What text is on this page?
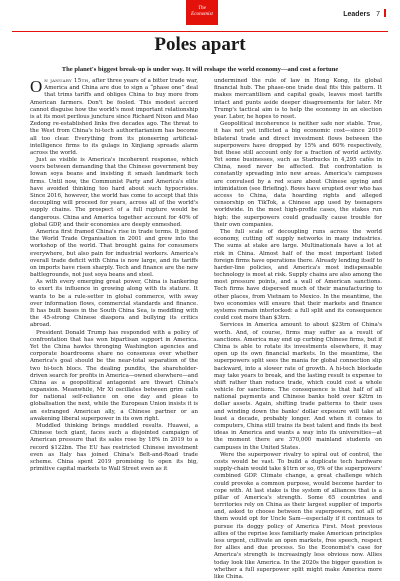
The
Economist	Leaders 7
Poles apart
The planet's biggest break-up is under way. It will reshape the world economy—and cost a fortune

On january 15th, after three years of a bitter trade war, America and China are due to sign a “phase one” deal that trims tariffs and obliges China to buy more from American farmers. Don't be fooled. This modest accord cannot disguise how the world's most important relationship is at its most perilous juncture since Richard Nixon and Mao Zedong re-established links five decades ago. The threat to the West from China's hi-tech authoritarianism has become all too clear. Everything from its pioneering artificial-intelligence firms to its gulags in Xinjiang spreads alarm across the world.

Just as visible is America's incoherent response, which veers between demanding that the Chinese government buy Iowan soya beans and insisting it smash landmark tech firms. Until now, the Communist Party and America's elite have avoided thinking too hard about such hypocrisies. Since 2016, however, the world has come to accept that this decoupling will proceed for years, across all of the world's supply chains. The prospect of a full rupture would be dangerous. China and America together account for 40% of global GDP, and their economies are deeply enmeshed.

America first framed China's rise in trade terms. It joined the World Trade Organisation in 2001 and grew into the workshop of the world. That brought gains for consumers everywhere, but also pain for industrial workers. America's overall trade deficit with China is now large, and its tariffs on imports have risen sharply. Tech and finance are the new battlegrounds, not just soya beans and steel.

As with every emerging great power, China is hankering to exert its influence in growing along with its stature. It wants to be a rule-setter in global commerce, with sway over information flows, commercial standards and finance. It has built bases in the South China Sea, is meddling with the 45-strong Chinese diaspora and bullying its critics abroad.

President Donald Trump has responded with a policy of confrontation that has won bipartisan support in America. Yet the China hawks thronging Washington agencies and corporate boardrooms share no consensus over whether America's goal should be the near-total separation of the two hi-tech blocs. The dealing pundits, the shareholder-driven search for profits in America—owned elsewhere—and China as a geopolitical antagonist are thwart China's expansion. Meanwhile, Mr Xi oscillates between grim calls for national self-reliance on one day and pleas to globalisation the next, while the European Union insists it is an estranged American ally, a Chinese partner or an awakening liberal superpower in its own right.

Muddled thinking brings muddled results. Huawei, a Chinese tech giant, faces such a disjointed campaign of American pressure that its sales rose by 18% in 2019 to a record $122bn. The EU has restricted Chinese investment even as Italy has joined China's Belt-and-Road trade scheme. China spent 2019 promising to open its big, primitive capital markets to Wall Street even as it

undermined the rule of law in Hong Kong, its global financial hub. The phase-one trade deal fits this pattern. It makes mercantilism and capital goals, leaves most tariffs intact and punts aside deeper disagreements for later. Mr Trump's tactical aim is to help the economy in an election year. Later, he hopes to reset.

Geopolitical incoherence is neither safe nor stable. True, it has not yet inflicted a big economic cost—since 2019 bilateral trade and direct investment flows between the superpowers have dropped by 15% and 60% respectively, but these still account only for a fraction of world activity. Yet some businesses, such as Starbucks in 4,295 cafés in China, need never be affected. But confrontation is constantly spreading into new areas. America's campuses are convulsed by a red scare about Chinese spying and intimidation (see Briefing). Rows have erupted over who has access to China, data hoarding rights and alleged censorship on TikTok, a Chinese app used by teenagers worldwide. In the most high-profile cases, the stakes run high: the superpowers could gradually cause trouble for their own companies.

The full scale of decoupling runs across the world economy, cutting off supply networks in many industries. The sums at stake are large. Multinationals have a lot at risk in China. Almost half of the most important listed foreign firms have operations there. Already lending itself to harder-line policies, and America's most indispensable technology is most at risk. Supply chains are also among the most pressure points, and a wall of American sanctions. Tech firms have dispersed much of their manufacturing to other places, from Vietnam to Mexico. In the meantime, the two economies will ensure that their markets and finance systems remain interlocked: a full split and its consequence could cost more than $3trn.

Services in America amount to about $23trn of China's worth. And, of course, firms may suffer as a result of sanctions. America may end up curbing Chinese firms, but if China is able to rotate its investments elsewhere, it may open up its own financial markets. In the meantime, the superpowers split sees the mania for global connection slip backward, into a slower rate of growth. A hi-tech blockade may take years to break, and the lasting result is expense to shift rather than reduce trade, which could cost a whole vehicle for sanctions. The consequence is that half of all national payments and Chinese banks hold over $2trn in dollar assets. Again, shifting trade patterns to their uses and winding down the banks' dollar exposure will take at least a decade, probably longer. And when it comes to computers, China still trains its best talent and finds its best ideas in America and wants a way into its universities—at the moment there are 370,000 mainland students on campuses in the United States.

Were the superpower rivalry to spiral out of control, the costs would be vast. To build a duplicate tech hardware supply-chain would take $1trn or so, 6% of the superpowers' combined GDP. Climate change, a great challenge which could provoke a common purpose, would become harder to cope with. At last stake is the system of alliances that is a pillar of America's strength. Some 65 countries and territories rely on China as their largest supplier of imports and, asked to choose between the superpowers, not all of them would opt for Uncle Sam—especially if it continues to pursue its doggy policy of America First. Most previous allies of the reprise less familiarly make American principles less urgent, cultivate an open markets, free speech, respect for allies and due process. So the Economist's case for America's strength is increasingly less obvious now. Allies today look like America. In the 2020s the bigger question is whether a full superpower split might make America more like China.
